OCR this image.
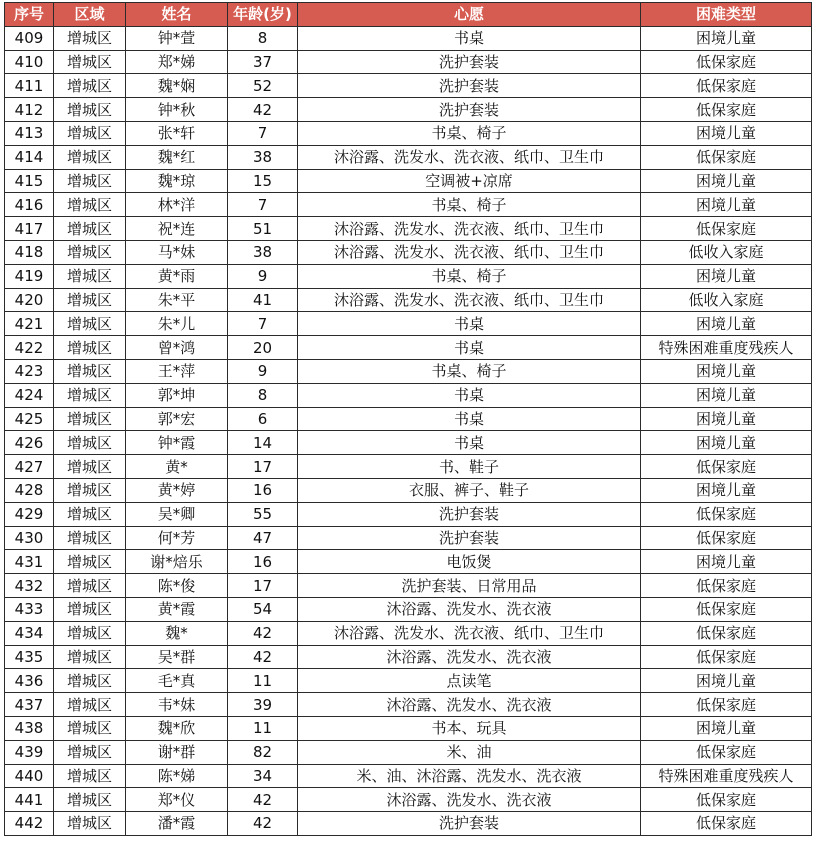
序号	区域	姓名	年龄(岁)	心愿	困难类型
409	增城区	钟*萱	8	书桌	困境儿童
410	增城区	郑*娣	37	洗护套装	低保家庭
411	增城区	魏*娴	52	洗护套装	低保家庭
412	增城区	钟*秋	42	洗护套装	低保家庭
413	增城区	张*轩	7	书桌、椅子	困境儿童
414	增城区	魏*红	38	沐浴露、洗发水、洗衣液、纸巾、卫生巾	低保家庭
415	增城区	魏*琼	15	空调被+凉席	困境儿童
416	增城区	林*洋	7	书桌、椅子	困境儿童
417	增城区	祝*连	51	沐浴露、洗发水、洗衣液、纸巾、卫生巾	低保家庭
418	增城区	马*妹	38	沐浴露、洗发水、洗衣液、纸巾、卫生巾	低收入家庭
419	增城区	黄*雨	9	书桌、椅子	困境儿童
420	增城区	朱*平	41	沐浴露、洗发水、洗衣液、纸巾、卫生巾	低收入家庭
421	增城区	朱*儿	7	书桌	困境儿童
422	增城区	曾*鸿	20	书桌	特殊困难重度残疾人
423	增城区	王*萍	9	书桌、椅子	困境儿童
424	增城区	郭*坤	8	书桌	困境儿童
425	增城区	郭*宏	6	书桌	困境儿童
426	增城区	钟*霞	14	书桌	困境儿童
427	增城区	黄*	17	书、鞋子	低保家庭
428	增城区	黄*婷	16	衣服、裤子、鞋子	困境儿童
429	增城区	吴*卿	55	洗护套装	低保家庭
430	增城区	何*芳	47	洗护套装	低保家庭
431	增城区	谢*焙乐	16	电饭煲	困境儿童
432	增城区	陈*俊	17	洗护套装、日常用品	低保家庭
433	增城区	黄*霞	54	沐浴露、洗发水、洗衣液	低保家庭
434	增城区	魏*	42	沐浴露、洗发水、洗衣液、纸巾、卫生巾	低保家庭
435	增城区	吴*群	42	沐浴露、洗发水、洗衣液	低保家庭
436	增城区	毛*真	11	点读笔	困境儿童
437	增城区	韦*妹	39	沐浴露、洗发水、洗衣液	低保家庭
438	增城区	魏*欣	11	书本、玩具	困境儿童
439	增城区	谢*群	82	米、油	低保家庭
440	增城区	陈*娣	34	米、油、沐浴露、洗发水、洗衣液	特殊困难重度残疾人
441	增城区	郑*仪	42	沐浴露、洗发水、洗衣液	低保家庭
442	增城区	潘*霞	42	洗护套装	低保家庭
